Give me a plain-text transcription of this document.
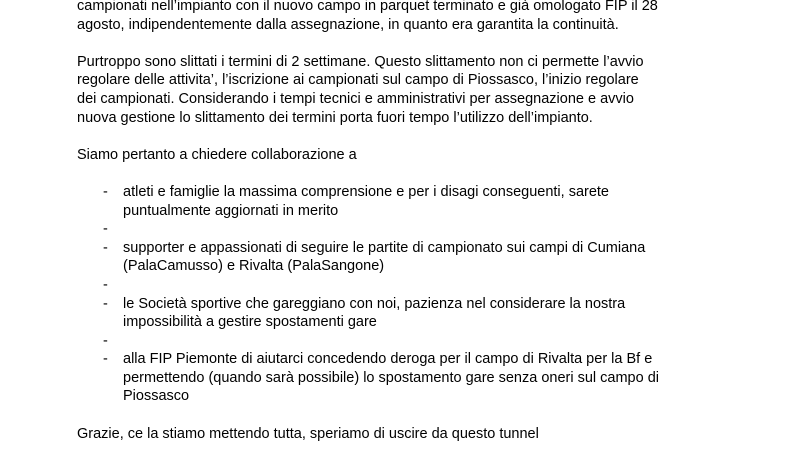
campionati nell’impianto con il nuovo campo in parquet terminato e già omologato FIP il 28
agosto, indipendentemente dalla assegnazione, in quanto era garantita la continuità.

Purtroppo sono slittati i termini di 2 settimane. Questo slittamento non ci permette l’avvio
regolare delle attivita’, l’iscrizione ai campionati sul campo di Piossasco, l’inizio regolare
dei campionati. Considerando i tempi tecnici e amministrativi per assegnazione e avvio
nuova gestione lo slittamento dei termini porta fuori tempo l’utilizzo dell’impianto.

Siamo pertanto a chiedere collaborazione a

- atleti e famiglie la massima comprensione e per i disagi conseguenti, sarete
puntualmente aggiornati in merito
-
- supporter e appassionati di seguire le partite di campionato sui campi di Cumiana
(PalaCamusso) e Rivalta (PalaSangone)
-
- le Società sportive che gareggiano con noi, pazienza nel considerare la nostra
impossibilità a gestire spostamenti gare
-
- alla FIP Piemonte di aiutarci concedendo deroga per il campo di Rivalta per la Bf e
permettendo (quando sarà possibile) lo spostamento gare senza oneri sul campo di
Piossasco

Grazie, ce la stiamo mettendo tutta, speriamo di uscire da questo tunnel
